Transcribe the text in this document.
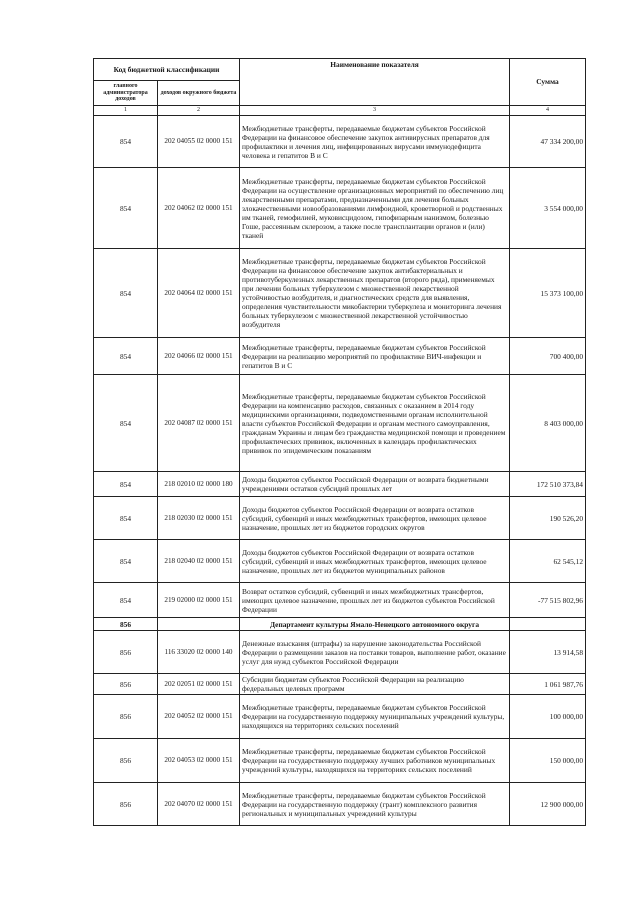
Код бюджетной классификации		Наименование показателя	Сумма
главного администратора доходов	доходов окружного бюджета		
1	2	3	4
854	202 04055 02 0000 151	Межбюджетные трансферты, передаваемые бюджетам субъектов Российской Федерации на финансовое обеспечение закупок антивирусных препаратов для профилактики и лечения лиц, инфицированных вирусами иммунодефицита человека и гепатитов В и С	47 334 200,00
854	202 04062 02 0000 151	Межбюджетные трансферты, передаваемые бюджетам субъектов Российской Федерации на осуществление организационных мероприятий по обеспечению лиц лекарственными препаратами, предназначенными для лечения больных злокачественными новообразованиями лимфоидной, кроветворной и родственных им тканей, гемофилией, муковисцидозом, гипофизарным нанизмом, болезнью Гоше, рассеянным склерозом, а также после трансплантации органов и (или) тканей	3 554 000,00
854	202 04064 02 0000 151	Межбюджетные трансферты, передаваемые бюджетам субъектов Российской Федерации на финансовое обеспечение закупок антибактериальных и противотуберкулезных лекарственных препаратов (второго ряда), применяемых при лечении больных туберкулезом с множественной лекарственной устойчивостью возбудителя, и диагностических средств для выявления, определения чувствительности микобактерии туберкулеза и мониторинга лечения больных туберкулезом с множественной лекарственной устойчивостью возбудителя	15 373 100,00
854	202 04066 02 0000 151	Межбюджетные трансферты, передаваемые бюджетам субъектов Российской Федерации на реализацию мероприятий по профилактике ВИЧ-инфекции и гепатитов В и С	700 400,00
854	202 04087 02 0000 151	Межбюджетные трансферты, передаваемые бюджетам субъектов Российской Федерации на компенсацию расходов, связанных с оказанием в 2014 году медицинскими организациями, подведомственными органам исполнительной власти субъектов Российской Федерации и органам местного самоуправления, гражданам Украины и лицам без гражданства медицинской помощи и проведением профилактических прививок, включенных в календарь профилактических прививок по эпидемическим показаниям	8 403 000,00
854	218 02010 02 0000 180	Доходы бюджетов субъектов Российской Федерации от возврата бюджетными учреждениями остатков субсидий прошлых лет	172 510 373,84
854	218 02030 02 0000 151	Доходы бюджетов субъектов Российской Федерации от возврата остатков субсидий, субвенций и иных межбюджетных трансфертов, имеющих целевое назначение, прошлых лет из бюджетов городских округов	190 526,20
854	218 02040 02 0000 151	Доходы бюджетов субъектов Российской Федерации от возврата остатков субсидий, субвенций и иных межбюджетных трансфертов, имеющих целевое назначение, прошлых лет из бюджетов муниципальных районов	62 545,12
854	219 02000 02 0000 151	Возврат остатков субсидий, субвенций и иных межбюджетных трансфертов, имеющих целевое назначение, прошлых лет из бюджетов субъектов Российской Федерации	-77 515 802,96
856		Департамент культуры Ямало-Ненецкого автономного округа	
856	116 33020 02 0000 140	Денежные взыскания (штрафы) за нарушение законодательства Российской Федерации о размещении заказов на поставки товаров, выполнение работ, оказание услуг для нужд субъектов Российской Федерации	13 914,58
856	202 02051 02 0000 151	Субсидии бюджетам субъектов Российской Федерации на реализацию федеральных целевых программ	1 061 987,76
856	202 04052 02 0000 151	Межбюджетные трансферты, передаваемые бюджетам субъектов Российской Федерации на государственную поддержку муниципальных учреждений культуры, находящихся на территориях сельских поселений	100 000,00
856	202 04053 02 0000 151	Межбюджетные трансферты, передаваемые бюджетам субъектов Российской Федерации на государственную поддержку лучших работников муниципальных учреждений культуры, находящихся на территориях сельских поселений	150 000,00
856	202 04070 02 0000 151	Межбюджетные трансферты, передаваемые бюджетам субъектов Российской Федерации на государственную поддержку (грант) комплексного развития региональных и муниципальных учреждений культуры	12 900 000,00
